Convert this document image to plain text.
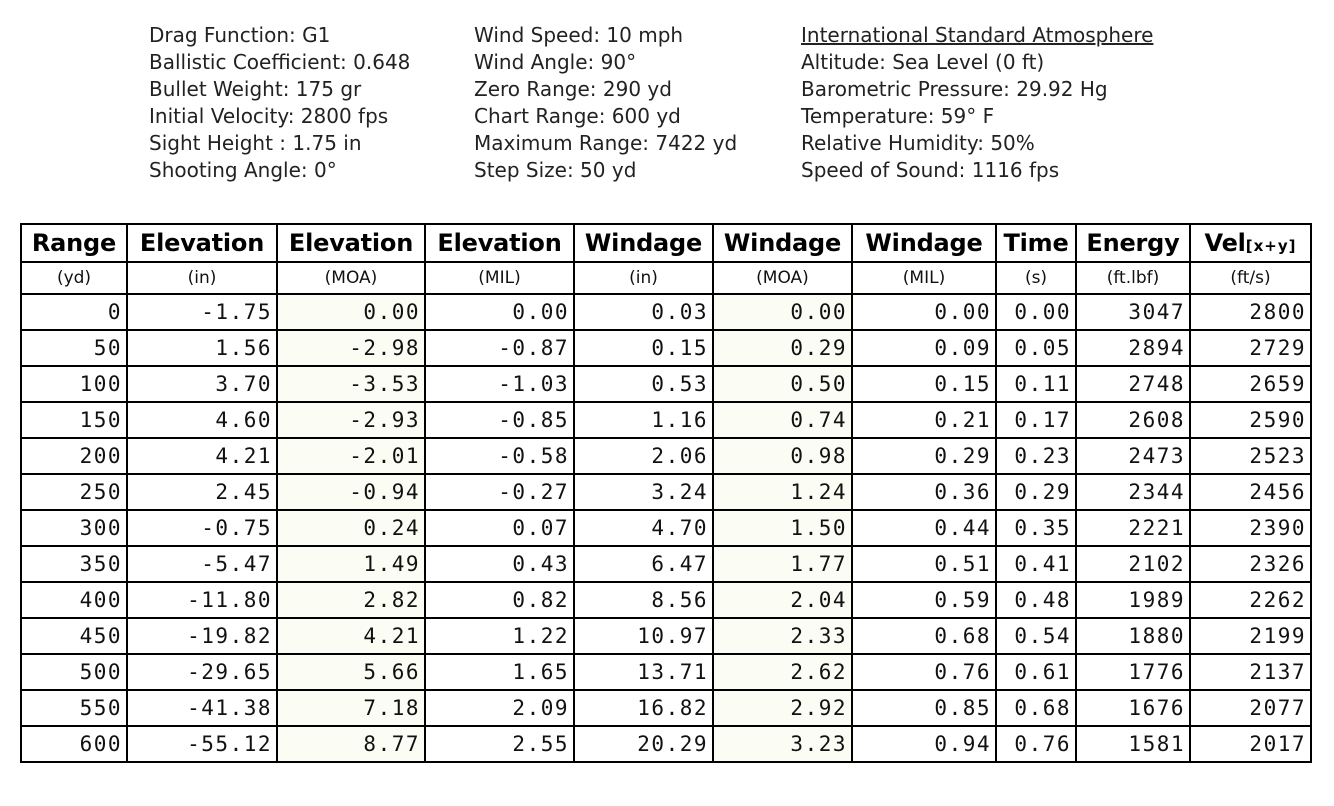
Drag Function: G1
Ballistic Coefficient: 0.648
Bullet Weight: 175 gr
Initial Velocity: 2800 fps
Sight Height : 1.75 in
Shooting Angle: 0°
Wind Speed: 10 mph
Wind Angle: 90°
Zero Range: 290 yd
Chart Range: 600 yd
Maximum Range: 7422 yd
Step Size: 50 yd
International Standard Atmosphere
Altitude: Sea Level (0 ft)
Barometric Pressure: 29.92 Hg
Temperature: 59° F
Relative Humidity: 50%
Speed of Sound: 1116 fps
Range	Elevation	Elevation	Elevation	Windage	Windage	Windage	Time	Energy	Vel[x+y]
(yd)	(in)	(MOA)	(MIL)	(in)	(MOA)	(MIL)	(s)	(ft.lbf)	(ft/s)
0	-1.75	0.00	0.00	0.03	0.00	0.00	0.00	3047	2800
50	1.56	-2.98	-0.87	0.15	0.29	0.09	0.05	2894	2729
100	3.70	-3.53	-1.03	0.53	0.50	0.15	0.11	2748	2659
150	4.60	-2.93	-0.85	1.16	0.74	0.21	0.17	2608	2590
200	4.21	-2.01	-0.58	2.06	0.98	0.29	0.23	2473	2523
250	2.45	-0.94	-0.27	3.24	1.24	0.36	0.29	2344	2456
300	-0.75	0.24	0.07	4.70	1.50	0.44	0.35	2221	2390
350	-5.47	1.49	0.43	6.47	1.77	0.51	0.41	2102	2326
400	-11.80	2.82	0.82	8.56	2.04	0.59	0.48	1989	2262
450	-19.82	4.21	1.22	10.97	2.33	0.68	0.54	1880	2199
500	-29.65	5.66	1.65	13.71	2.62	0.76	0.61	1776	2137
550	-41.38	7.18	2.09	16.82	2.92	0.85	0.68	1676	2077
600	-55.12	8.77	2.55	20.29	3.23	0.94	0.76	1581	2017
